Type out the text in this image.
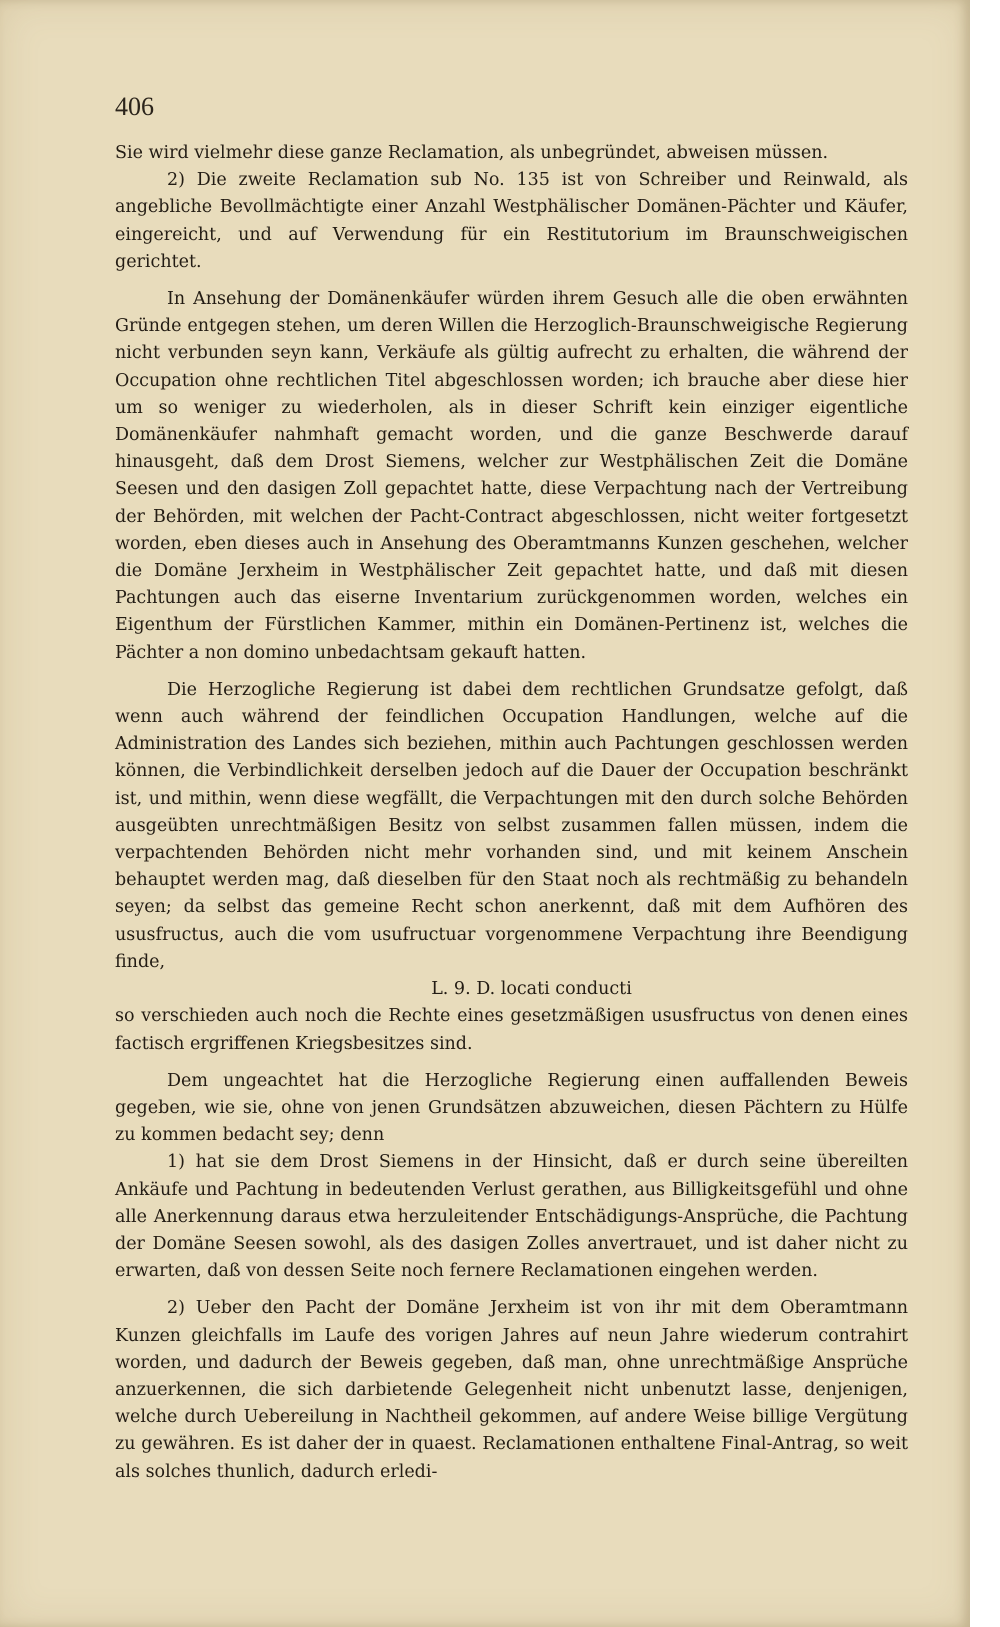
406

Sie wird vielmehr diese ganze Reclamation, als unbegründet, abweisen müssen.

2) Die zweite Reclamation sub No. 135 ist von Schreiber und Reinwald, als angebliche Bevollmächtigte einer Anzahl Westphälischer Domänen-Pächter und Käufer, eingereicht, und auf Verwendung für ein Restitutorium im Braunschweigischen gerichtet.

In Ansehung der Domänenkäufer würden ihrem Gesuch alle die oben erwähnten Gründe entgegen stehen, um deren Willen die Herzoglich-Braunschweigische Regierung nicht verbunden seyn kann, Verkäufe als gültig aufrecht zu erhalten, die während der Occupation ohne rechtlichen Titel abgeschlossen worden; ich brauche aber diese hier um so weniger zu wiederholen, als in dieser Schrift kein einziger eigentliche Domänenkäufer nahmhaft gemacht worden, und die ganze Beschwerde darauf hinausgeht, daß dem Drost Siemens, welcher zur Westphälischen Zeit die Domäne Seesen und den dasigen Zoll gepachtet hatte, diese Verpachtung nach der Vertreibung der Behörden, mit welchen der Pacht-Contract abgeschlossen, nicht weiter fortgesetzt worden, eben dieses auch in Ansehung des Oberamtmanns Kunzen geschehen, welcher die Domäne Jerxheim in Westphälischer Zeit gepachtet hatte, und daß mit diesen Pachtungen auch das eiserne Inventarium zurückgenommen worden, welches ein Eigenthum der Fürstlichen Kammer, mithin ein Domänen-Pertinenz ist, welches die Pächter a non domino unbedachtsam gekauft hatten.

Die Herzogliche Regierung ist dabei dem rechtlichen Grundsatze gefolgt, daß wenn auch während der feindlichen Occupation Handlungen, welche auf die Administration des Landes sich beziehen, mithin auch Pachtungen geschlossen werden können, die Verbindlichkeit derselben jedoch auf die Dauer der Occupation beschränkt ist, und mithin, wenn diese wegfällt, die Verpachtungen mit den durch solche Behörden ausgeübten unrechtmäßigen Besitz von selbst zusammen fallen müssen, indem die verpachtenden Behörden nicht mehr vorhanden sind, und mit keinem Anschein behauptet werden mag, daß dieselben für den Staat noch als rechtmäßig zu behandeln seyen; da selbst das gemeine Recht schon anerkennt, daß mit dem Aufhören des ususfructus, auch die vom usufructuar vorgenommene Verpachtung ihre Beendigung finde,

L. 9. D. locati conducti

so verschieden auch noch die Rechte eines gesetzmäßigen ususfructus von denen eines factisch ergriffenen Kriegsbesitzes sind.

Dem ungeachtet hat die Herzogliche Regierung einen auffallenden Beweis gegeben, wie sie, ohne von jenen Grundsätzen abzuweichen, diesen Pächtern zu Hülfe zu kommen bedacht sey; denn

1) hat sie dem Drost Siemens in der Hinsicht, daß er durch seine übereilten Ankäufe und Pachtung in bedeutenden Verlust gerathen, aus Billigkeitsgefühl und ohne alle Anerkennung daraus etwa herzuleitender Entschädigungs-Ansprüche, die Pachtung der Domäne Seesen sowohl, als des dasigen Zolles anvertrauet, und ist daher nicht zu erwarten, daß von dessen Seite noch fernere Reclamationen eingehen werden.

2) Ueber den Pacht der Domäne Jerxheim ist von ihr mit dem Oberamtmann Kunzen gleichfalls im Laufe des vorigen Jahres auf neun Jahre wiederum contrahirt worden, und dadurch der Beweis gegeben, daß man, ohne unrechtmäßige Ansprüche anzuerkennen, die sich darbietende Gelegenheit nicht unbenutzt lasse, denjenigen, welche durch Uebereilung in Nachtheil gekommen, auf andere Weise billige Vergütung zu gewähren. Es ist daher der in quaest. Reclamationen enthaltene Final-Antrag, so weit als solches thunlich, dadurch erledi-
